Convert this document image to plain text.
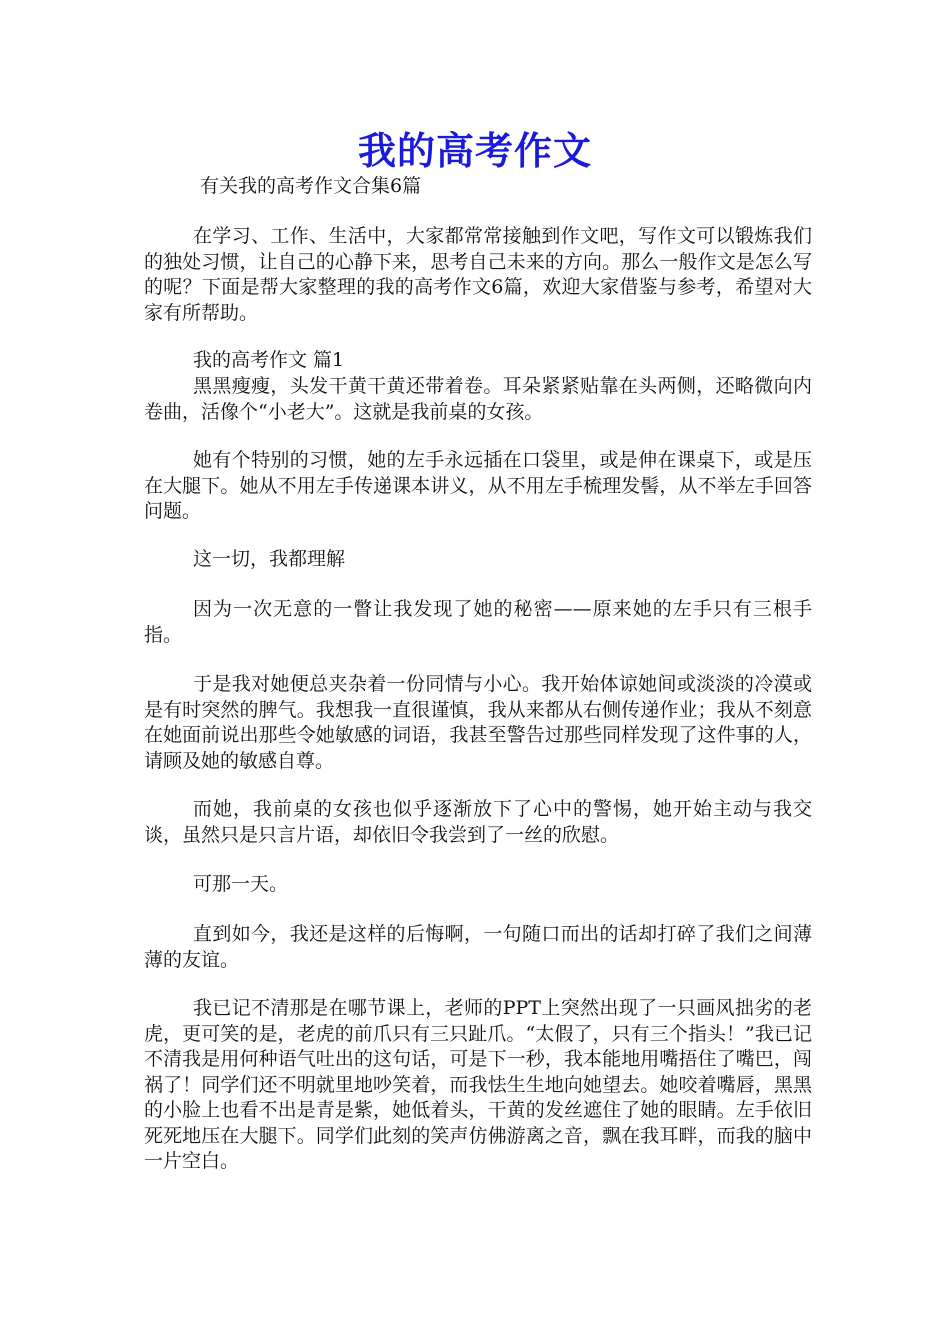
我的高考作文
有关我的高考作文合集6篇

在学习、工作、生活中，大家都常常接触到作文吧，写作文可以锻炼我们的独处习惯，让自己的心静下来，思考自己未来的方向。那么一般作文是怎么写的呢？下面是帮大家整理的我的高考作文6篇，欢迎大家借鉴与参考，希望对大家有所帮助。

我的高考作文 篇1

黑黑瘦瘦，头发干黄干黄还带着卷。耳朵紧紧贴靠在头两侧，还略微向内卷曲，活像个“小老大”。这就是我前桌的女孩。

她有个特别的习惯，她的左手永远插在口袋里，或是伸在课桌下，或是压在大腿下。她从不用左手传递课本讲义，从不用左手梳理发髻，从不举左手回答问题。

这一切，我都理解

因为一次无意的一瞥让我发现了她的秘密——原来她的左手只有三根手指。

于是我对她便总夹杂着一份同情与小心。我开始体谅她间或淡淡的冷漠或是有时突然的脾气。我想我一直很谨慎，我从来都从右侧传递作业；我从不刻意在她面前说出那些令她敏感的词语，我甚至警告过那些同样发现了这件事的人，请顾及她的敏感自尊。

而她，我前桌的女孩也似乎逐渐放下了心中的警惕，她开始主动与我交谈，虽然只是只言片语，却依旧令我尝到了一丝的欣慰。

可那一天。

直到如今，我还是这样的后悔啊，一句随口而出的话却打碎了我们之间薄薄的友谊。

我已记不清那是在哪节课上，老师的PPT上突然出现了一只画风拙劣的老虎，更可笑的是，老虎的前爪只有三只趾爪。“太假了，只有三个指头！”我已记不清我是用何种语气吐出的这句话，可是下一秒，我本能地用嘴捂住了嘴巴，闯祸了！同学们还不明就里地吵笑着，而我怯生生地向她望去。她咬着嘴唇，黑黑的小脸上也看不出是青是紫，她低着头，干黄的发丝遮住了她的眼睛。左手依旧死死地压在大腿下。同学们此刻的笑声仿佛游离之音，飘在我耳畔，而我的脑中一片空白。
